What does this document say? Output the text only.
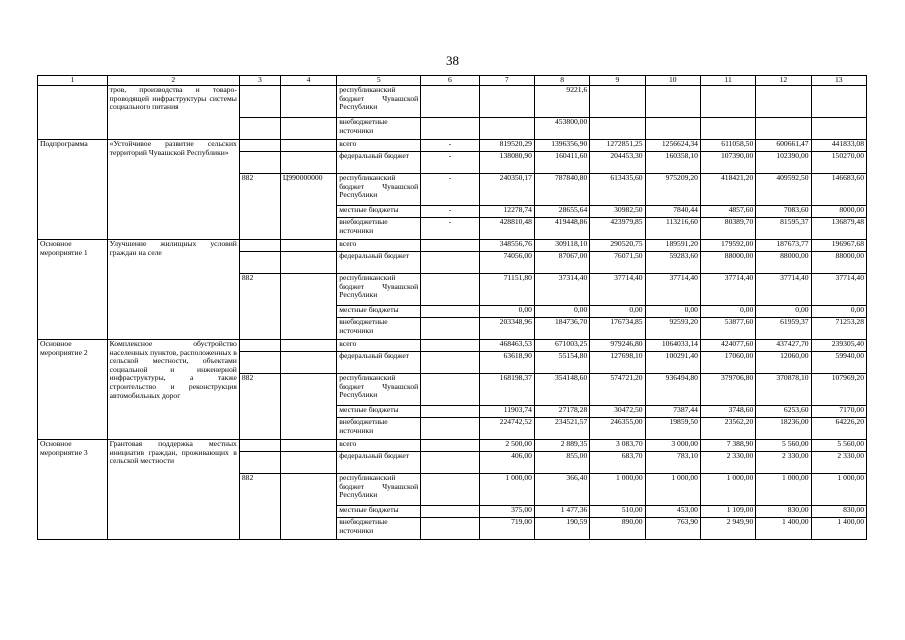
38
1	2	3	4	5	6	7	8	9	10	11	12	13
	тров, производства и товаро-проводящей инфраструктуры системы социального питания			республиканский бюджет Чувашской Республики			9221,6					
				внебюджетные источники			453800,00					
Подпрограмма	«Устойчивое развитие сельских территорий Чувашской Республики»			всего	-	819520,29	1396356,90	1272851,25	1256624,34	611058,50	600661,47	441833,08
				федеральный бюджет	-	138080,90	160411,60	204453,30	160358,10	107390,00	102390,00	150270,00
		882	Ц990000000	республиканский бюджет Чувашской Республики	-	240350,17	787840,80	613435,60	975209,20	418421,20	409592,50	146683,60
				местные бюджеты	-	12278,74	28655,64	30982,50	7840,44	4857,60	7083,60	8000,00
				внебюджетные источники	-	428810,48	419448,86	423979,85	113216,60	80389,70	81595,37	136879,48
Основное мероприятие 1	Улучшение жилищных условий граждан на селе			всего		348556,76	309118,10	290520,75	189591,20	179592,00	187673,77	196967,68
				федеральный бюджет		74056,00	87067,00	76071,50	59283,60	88000,00	88000,00	88000,00
		882		республиканский бюджет Чувашской Республики		71151,80	37314,40	37714,40	37714,40	37714,40	37714,40	37714,40
				местные бюджеты		0,00	0,00	0,00	0,00	0,00	0,00	0,00
				внебюджетные источники		203348,96	184736,70	176734,85	92593,20	53877,60	61959,37	71253,28
Основное мероприятие 2	Комплексное обустройство населенных пунктов, расположенных в сельской местности, объектами социальной и инженерной инфраструктуры, а также строительство и реконструкция автомобильных дорог			всего		468463,53	671003,25	979246,80	1064033,14	424077,60	437427,70	239305,40
				федеральный бюджет		63618,90	55154,80	127698,10	100291,40	17060,00	12060,00	59940,00
		882		республиканский бюджет Чувашской Республики		168198,37	354148,60	574721,20	936494,80	379706,80	370878,10	107969,20
				местные бюджеты		11903,74	27178,28	30472,50	7387,44	3748,60	6253,60	7170,00
				внебюджетные источники		224742,52	234521,57	246355,00	19859,50	23562,20	18236,00	64226,20
Основное мероприятие 3	Грантовая поддержка местных инициатив граждан, проживающих в сельской местности			всего		2 500,00	2 889,35	3 083,70	3 000,00	7 388,90	5 560,00	5 560,00
				федеральный бюджет		406,00	855,00	683,70	783,10	2 330,00	2 330,00	2 330,00
		882		республиканский бюджет Чувашской Республики		1 000,00	366,40	1 000,00	1 000,00	1 000,00	1 000,00	1 000,00
				местные бюджеты		375,00	1 477,36	510,00	453,00	1 109,00	830,00	830,00
				внебюджетные источники		719,00	190,59	890,00	763,90	2 949,90	1 400,00	1 400,00
